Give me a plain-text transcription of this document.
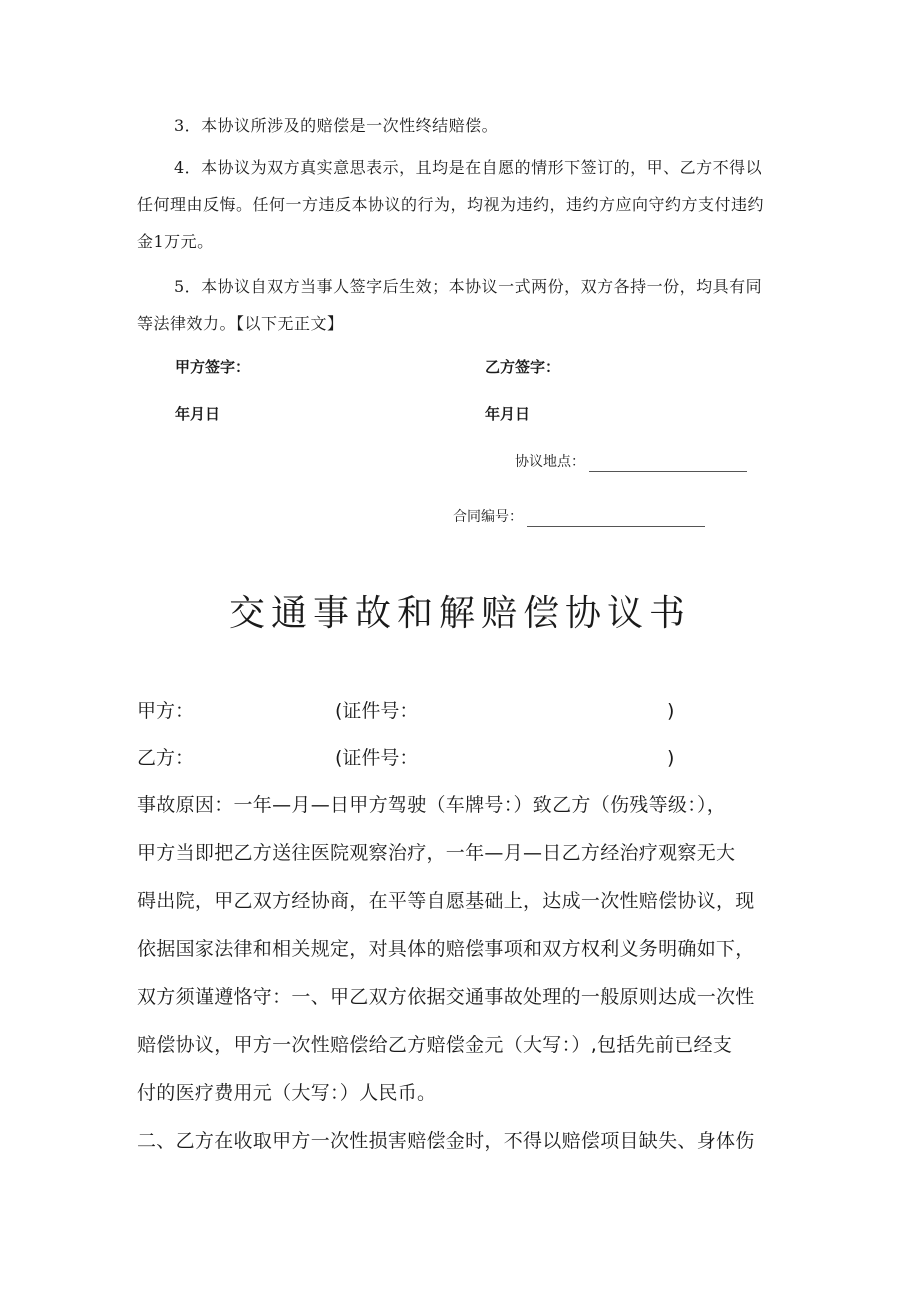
3．本协议所涉及的赔偿是一次性终结赔偿。

4．本协议为双方真实意思表示，且均是在自愿的情形下签订的，甲、乙方不得以
任何理由反悔。任何一方违反本协议的行为，均视为违约，违约方应向守约方支付违约
金1万元。

5．本协议自双方当事人签字后生效；本协议一式两份，双方各持一份，均具有同
等法律效力。【以下无正文】

甲方签字：	乙方签字：
年月日	年月日
协议地点：
合同编号：
交通事故和解赔偿协议书
甲方：	(证件号：	)
乙方：	(证件号：	)
事故原因：一年—月—日甲方驾驶（车牌号：）致乙方（伤残等级：），
甲方当即把乙方送往医院观察治疗，一年—月—日乙方经治疗观察无大
碍出院，甲乙双方经协商，在平等自愿基础上，达成一次性赔偿协议，现
依据国家法律和相关规定，对具体的赔偿事项和双方权利义务明确如下，
双方须谨遵恪守：一、甲乙双方依据交通事故处理的一般原则达成一次性
赔偿协议，甲方一次性赔偿给乙方赔偿金元（大写：）,包括先前已经支
付的医疗费用元（大写：）人民币。
二、乙方在收取甲方一次性损害赔偿金时，不得以赔偿项目缺失、身体伤
